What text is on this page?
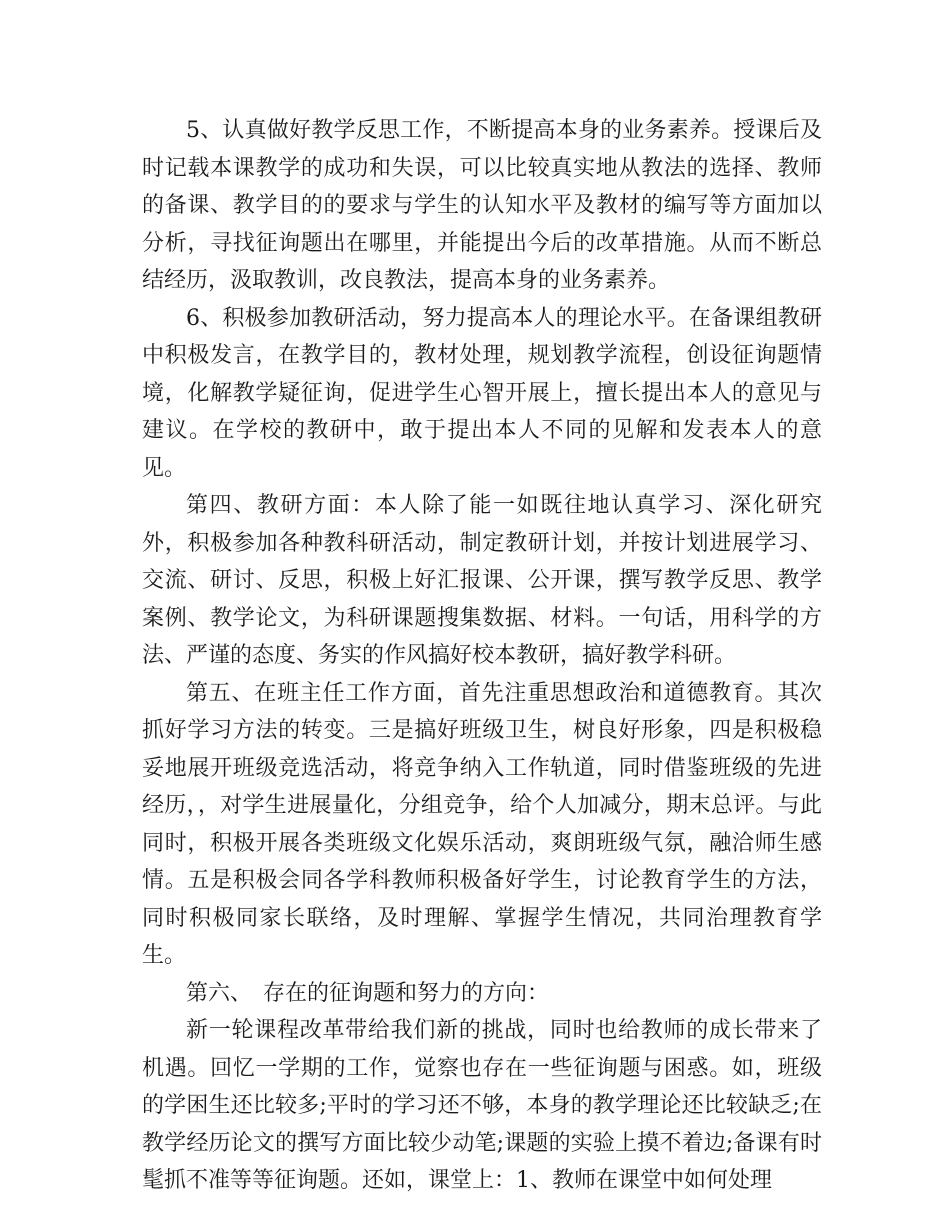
5、认真做好教学反思工作，不断提高本身的业务素养。授课后及时记载本课教学的成功和失误，可以比较真实地从教法的选择、教师的备课、教学目的的要求与学生的认知水平及教材的编写等方面加以分析，寻找征询题出在哪里，并能提出今后的改革措施。从而不断总结经历，汲取教训，改良教法，提高本身的业务素养。

6、积极参加教研活动，努力提高本人的理论水平。在备课组教研中积极发言，在教学目的，教材处理，规划教学流程，创设征询题情境，化解教学疑征询，促进学生心智开展上，擅长提出本人的意见与建议。在学校的教研中，敢于提出本人不同的见解和发表本人的意见。

第四、教研方面：本人除了能一如既往地认真学习、深化研究外，积极参加各种教科研活动，制定教研计划，并按计划进展学习、交流、研讨、反思，积极上好汇报课、公开课，撰写教学反思、教学案例、教学论文，为科研课题搜集数据、材料。一句话，用科学的方法、严谨的态度、务实的作风搞好校本教研，搞好教学科研。

第五、在班主任工作方面，首先注重思想政治和道德教育。其次抓好学习方法的转变。三是搞好班级卫生，树良好形象，四是积极稳妥地展开班级竞选活动，将竞争纳入工作轨道，同时借鉴班级的先进经历，，对学生进展量化，分组竞争，给个人加减分，期末总评。与此同时，积极开展各类班级文化娱乐活动，爽朗班级气氛，融洽师生感情。五是积极会同各学科教师积极备好学生，讨论教育学生的方法，同时积极同家长联络，及时理解、掌握学生情况，共同治理教育学生。

第六、　存在的征询题和努力的方向：

新一轮课程改革带给我们新的挑战，同时也给教师的成长带来了机遇。回忆一学期的工作，觉察也存在一些征询题与困惑。如，班级的学困生还比较多;平时的学习还不够，本身的教学理论还比较缺乏;在教学经历论文的撰写方面比较少动笔;课题的实验上摸不着边;备课有时髦抓不准等等征询题。还如，课堂上：1、教师在课堂中如何处理
